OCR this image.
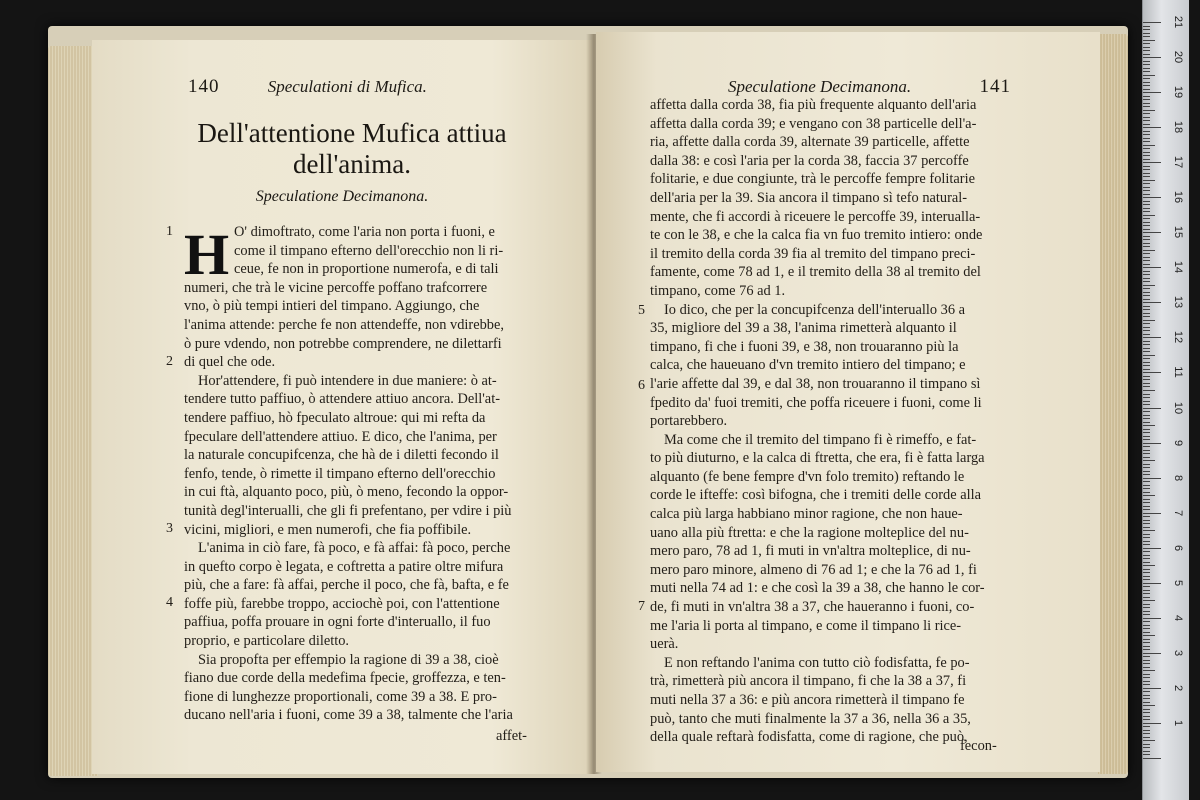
140	Speculationi di Mufica.
Dell'attentione Mufica attiua
dell'anima.
Speculatione Decimanona.
H
1
2
3
4
O' dimoftrato, come l'aria non porta i fuoni, e
come il timpano efterno dell'orecchio non li ri-
ceue, fe non in proportione numerofa, e di tali
numeri, che trà le vicine percoffe poffano trafcorrere
vno, ò più tempi intieri del timpano. Aggiungo, che
l'anima attende: perche fe non attendeffe, non vdirebbe,
ò pure vdendo, non potrebbe comprendere, ne dilettarfi
di quel che ode.
Hor'attendere, fi può intendere in due maniere: ò at-
tendere tutto paffiuo, ò attendere attiuo ancora. Dell'at-
tendere paffiuo, hò fpeculato altroue: qui mi refta da
fpeculare dell'attendere attiuo. E dico, che l'anima, per
la naturale concupifcenza, che hà de i diletti fecondo il
fenfo, tende, ò rimette il timpano efterno dell'orecchio
in cui ftà, alquanto poco, più, ò meno, fecondo la oppor-
tunità degl'interualli, che gli fi prefentano, per vdire i più
vicini, migliori, e men numerofi, che fia poffibile.
L'anima in ciò fare, fà poco, e fà affai: fà poco, perche
in quefto corpo è legata, e coftretta a patire oltre mifura
più, che a fare: fà affai, perche il poco, che fà, bafta, e fe
foffe più, farebbe troppo, acciochè poi, con l'attentione
paffiua, poffa prouare in ogni forte d'interuallo, il fuo
proprio, e particolare diletto.
Sia propofta per effempio la ragione di 39 a 38, cioè
fiano due corde della medefima fpecie, groffezza, e ten-
fione di lunghezze proportionali, come 39 a 38. E pro-
ducano nell'aria i fuoni, come 39 a 38, talmente che l'aria
affet-
Speculatione Decimanona.	141
5
6
7
affetta dalla corda 38, fia più frequente alquanto dell'aria
affetta dalla corda 39; e vengano con 38 particelle dell'a-
ria, affette dalla corda 39, alternate 39 particelle, affette
dalla 38: e così l'aria per la corda 38, faccia 37 percoffe
folitarie, e due congiunte, trà le percoffe fempre folitarie
dell'aria per la 39. Sia ancora il timpano sì tefo natural-
mente, che fi accordi à riceuere le percoffe 39, interualla-
te con le 38, e che la calca fia vn fuo tremito intiero: onde
il tremito della corda 39 fia al tremito del timpano preci-
famente, come 78 ad 1, e il tremito della 38 al tremito del
timpano, come 76 ad 1.
Io dico, che per la concupifcenza dell'interuallo 36 a
35, migliore del 39 a 38, l'anima rimetterà alquanto il
timpano, fi che i fuoni 39, e 38, non trouaranno più la
calca, che haueuano d'vn tremito intiero del timpano; e
l'arie affette dal 39, e dal 38, non trouaranno il timpano sì
fpedito da' fuoi tremiti, che poffa riceuere i fuoni, come li
portarebbero.
Ma come che il tremito del timpano fi è rimeffo, e fat-
to più diuturno, e la calca di ftretta, che era, fi è fatta larga
alquanto (fe bene fempre d'vn folo tremito) reftando le
corde le ifteffe: così bifogna, che i tremiti delle corde alla
calca più larga habbiano minor ragione, che non haue-
uano alla più ftretta: e che la ragione molteplice del nu-
mero paro, 78 ad 1, fi muti in vn'altra molteplice, di nu-
mero paro minore, almeno di 76 ad 1; e che la 76 ad 1, fi
muti nella 74 ad 1: e che così la 39 a 38, che hanno le cor-
de, fi muti in vn'altra 38 a 37, che haueranno i fuoni, co-
me l'aria li porta al timpano, e come il timpano li rice-
uerà.
E non reftando l'anima con tutto ciò fodisfatta, fe po-
trà, rimetterà più ancora il timpano, fi che la 38 a 37, fi
muti nella 37 a 36: e più ancora rimetterà il timpano fe
può, tanto che muti finalmente la 37 a 36, nella 36 a 35,
della quale reftarà fodisfatta, come di ragione, che può,
fecon-
1
2
3
4
5
6
7
8
9
10
11
12
13
14
15
16
17
18
19
20
21
